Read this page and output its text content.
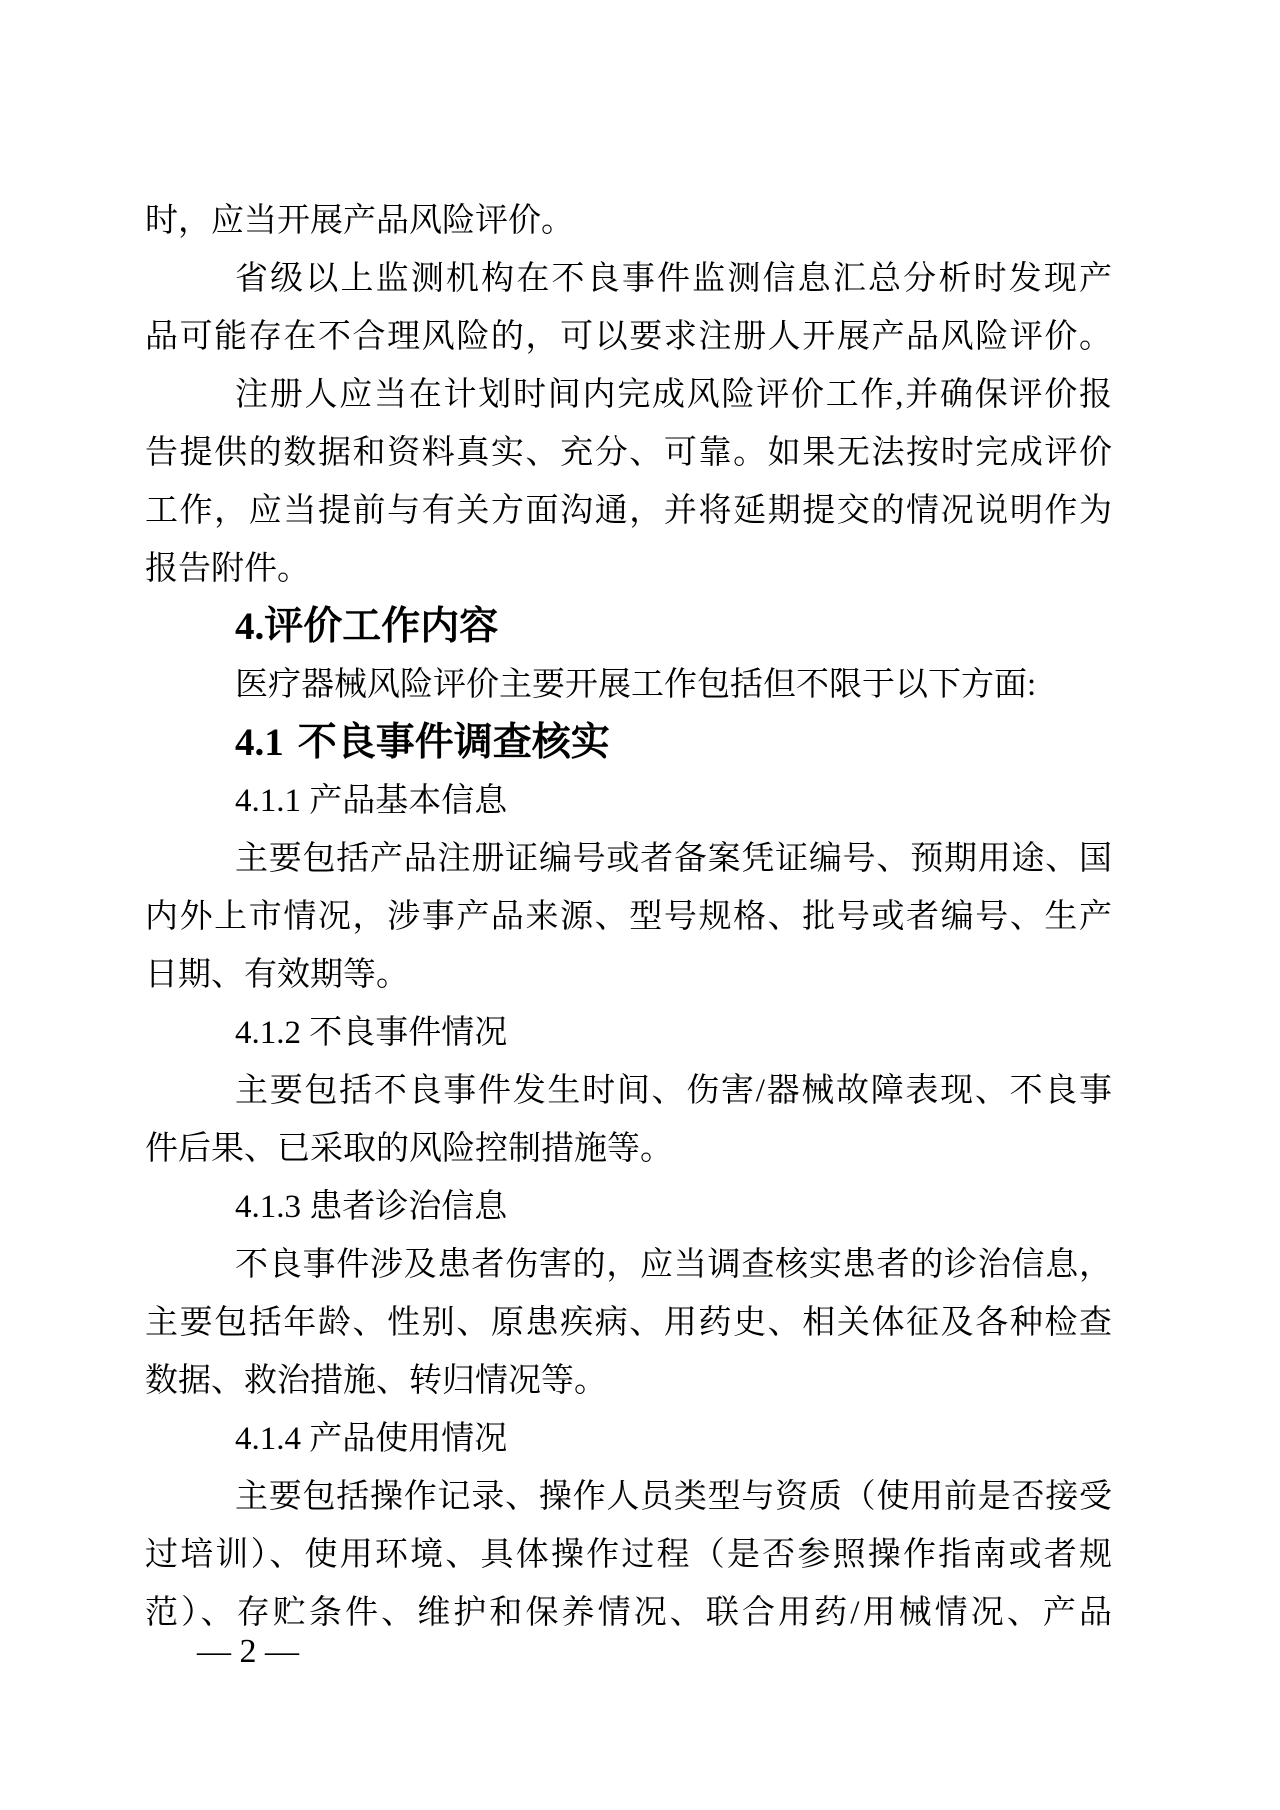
时，应当开展产品风险评价。
省级以上监测机构在不良事件监测信息汇总分析时发现产
品可能存在不合理风险的，可以要求注册人开展产品风险评价。
注册人应当在计划时间内完成风险评价工作,并确保评价报
告提供的数据和资料真实、充分、可靠。如果无法按时完成评价
工作，应当提前与有关方面沟通，并将延期提交的情况说明作为
报告附件。
4.评价工作内容
医疗器械风险评价主要开展工作包括但不限于以下方面:
4.1 不良事件调查核实
4.1.1 产品基本信息
主要包括产品注册证编号或者备案凭证编号、预期用途、国
内外上市情况，涉事产品来源、型号规格、批号或者编号、生产
日期、有效期等。
4.1.2 不良事件情况
主要包括不良事件发生时间、伤害/器械故障表现、不良事
件后果、已采取的风险控制措施等。
4.1.3 患者诊治信息
不良事件涉及患者伤害的，应当调查核实患者的诊治信息，
主要包括年龄、性别、原患疾病、用药史、相关体征及各种检查
数据、救治措施、转归情况等。
4.1.4 产品使用情况
主要包括操作记录、操作人员类型与资质（使用前是否接受
过培训）、使用环境、具体操作过程（是否参照操作指南或者规
范）、存贮条件、维护和保养情况、联合用药/用械情况、产品
— 2 —
